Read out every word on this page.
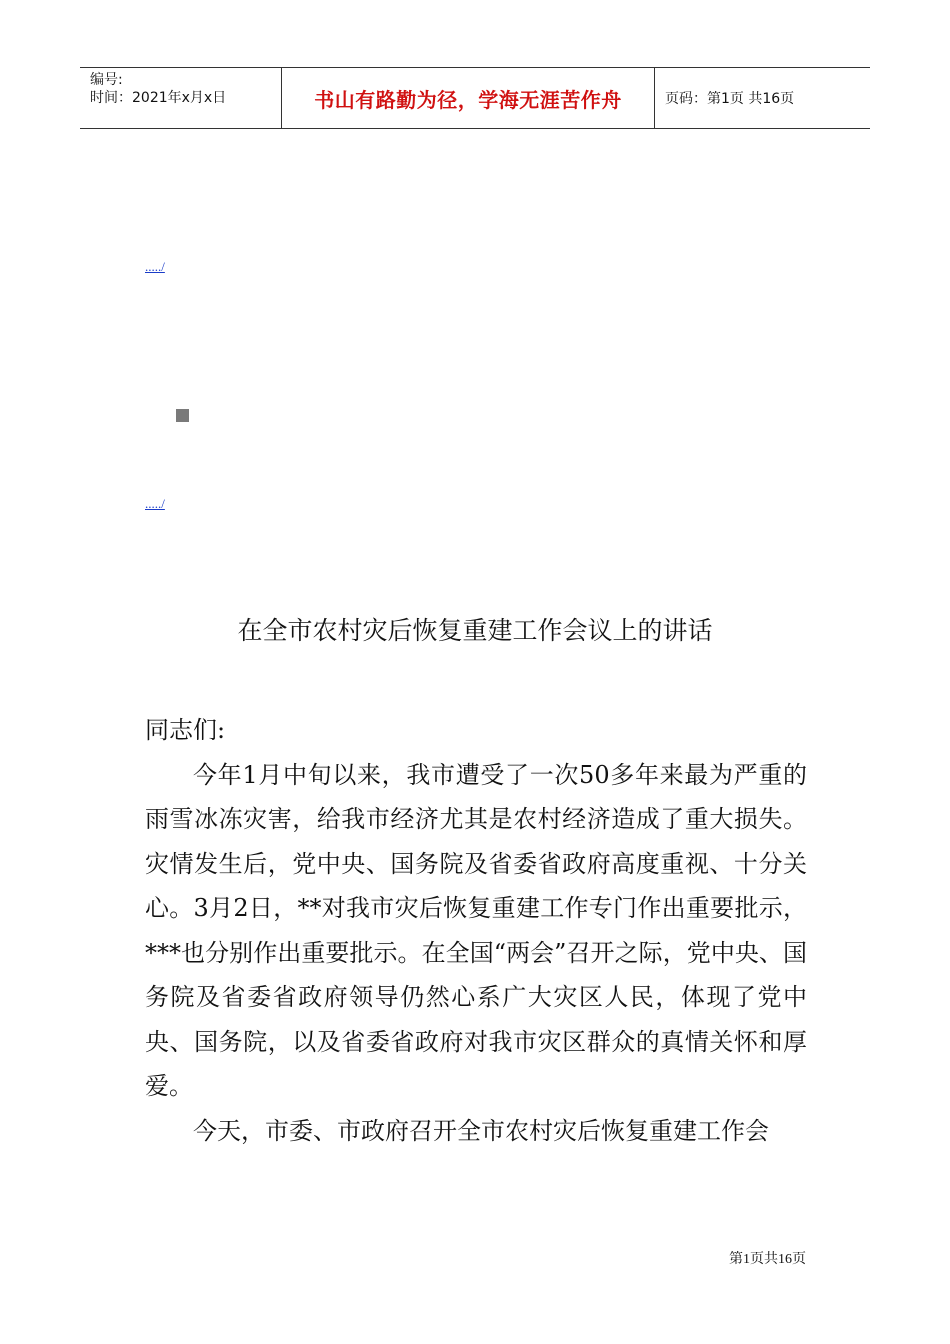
编号:
时间：2021年x月x日	书山有路勤为径，学海无涯苦作舟	页码：第1页 共16页
...../
...../
在全市农村灾后恢复重建工作会议上的讲话

同志们:

今年1月中旬以来，我市遭受了一次50多年来最为严重的雨雪冰冻灾害，给我市经济尤其是农村经济造成了重大损失。灾情发生后，党中央、国务院及省委省政府高度重视、十分关心。3月2日，**对我市灾后恢复重建工作专门作出重要批示，***也分别作出重要批示。在全国“两会”召开之际，党中央、国务院及省委省政府领导仍然心系广大灾区人民，体现了党中央、国务院，以及省委省政府对我市灾区群众的真情关怀和厚爱。

今天，市委、市政府召开全市农村灾后恢复重建工作会

第1页共16页
